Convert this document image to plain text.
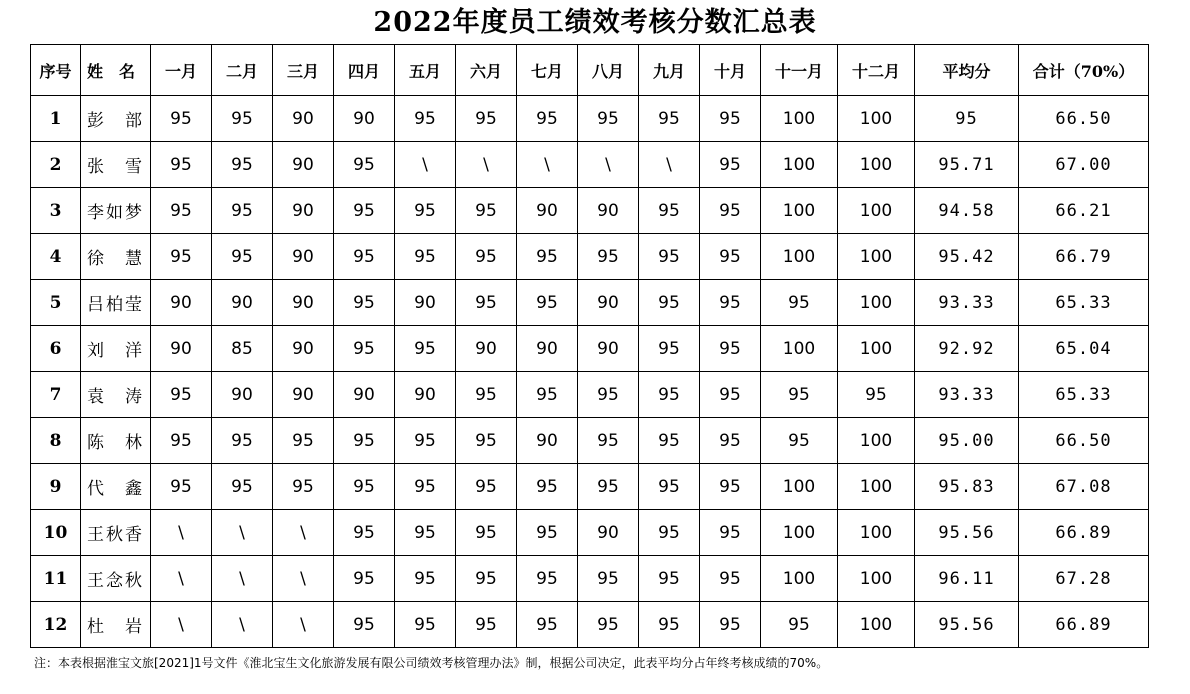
2022年度员工绩效考核分数汇总表
序号	姓　名	一月	二月	三月	四月	五月	六月	七月	八月	九月	十月	十一月	十二月	平均分	合计（70%）
1	彭　部	95	95	90	90	95	95	95	95	95	95	100	100	95	66.50
2	张　雪	95	95	90	95	\	\	\	\	\	95	100	100	95.71	67.00
3	李如梦	95	95	90	95	95	95	90	90	95	95	100	100	94.58	66.21
4	徐　慧	95	95	90	95	95	95	95	95	95	95	100	100	95.42	66.79
5	吕柏莹	90	90	90	95	90	95	95	90	95	95	95	100	93.33	65.33
6	刘　洋	90	85	90	95	95	90	90	90	95	95	100	100	92.92	65.04
7	袁　涛	95	90	90	90	90	95	95	95	95	95	95	95	93.33	65.33
8	陈　林	95	95	95	95	95	95	90	95	95	95	95	100	95.00	66.50
9	代　鑫	95	95	95	95	95	95	95	95	95	95	100	100	95.83	67.08
10	王秋香	\	\	\	95	95	95	95	90	95	95	100	100	95.56	66.89
11	王念秋	\	\	\	95	95	95	95	95	95	95	100	100	96.11	67.28
12	杜　岩	\	\	\	95	95	95	95	95	95	95	95	100	95.56	66.89
注：本表根据淮宝文旅[2021]1号文件《淮北宝生文化旅游发展有限公司绩效考核管理办法》制，根据公司决定，此表平均分占年终考核成绩的70%。
